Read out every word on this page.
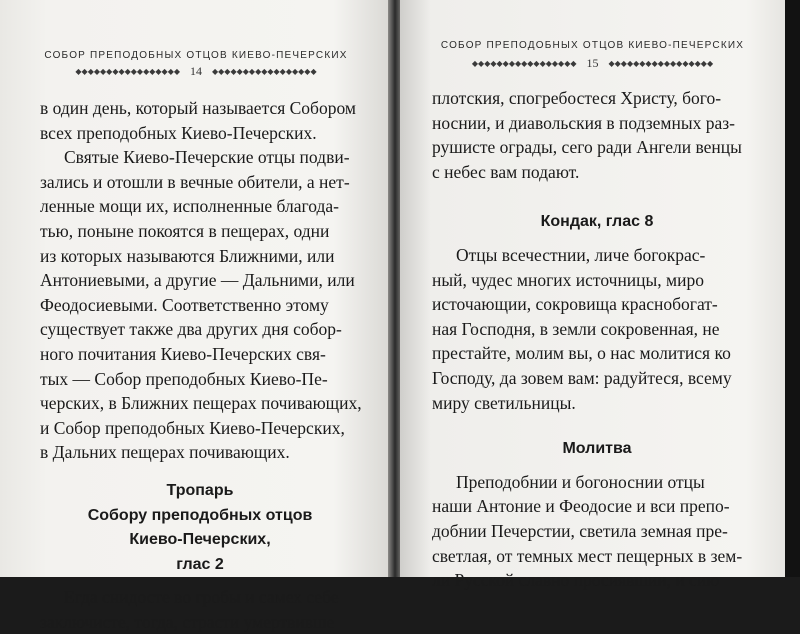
СОБОР ПРЕПОДОБНЫХ ОТЦОВ КИЕВО-ПЕЧЕРСКИХ
◆◆◆◆◆◆◆◆◆◆◆◆◆◆◆◆◆ 14 ◆◆◆◆◆◆◆◆◆◆◆◆◆◆◆◆◆
в один день, который называется Собором
всех преподобных Киево-Печерских.
Святые Киево-Печерские отцы подви-
зались и отошли в вечные обители, а нет-
ленные мощи их, исполненные благода-
тью, поныне покоятся в пещерах, одни
из которых называются Ближними, или
Антониевыми, а другие — Дальними, или
Феодосиевыми. Соответственно этому
существует также два других дня собор-
ного почитания Киево-Печерских свя-
тых — Собор преподобных Киево-Пе-
черских, в Ближних пещерах почивающих,
и Собор преподобных Киево-Печерских,
в Дальних пещерах почивающих.
Тропарь
Собору преподобных отцов
Киево-Печерских,
глас 2
Егда снидосте во гробы и самех себе
заключисте, тогда, страсти умертвивше
СОБОР ПРЕПОДОБНЫХ ОТЦОВ КИЕВО-ПЕЧЕРСКИХ
◆◆◆◆◆◆◆◆◆◆◆◆◆◆◆◆◆ 15 ◆◆◆◆◆◆◆◆◆◆◆◆◆◆◆◆◆
плотския, спогребостеся Христу, бого-
носнии, и диавольския в подземных раз-
рушисте ограды, сего ради Ангели венцы
с небес вам подают.
Кондак, глас 8
Отцы всечестнии, личе богокрас-
ный, чудес многих источницы, миро
источающии, сокровища краснобогат-
ная Господня, в земли сокровенная, не
престайте, молим вы, о нас молитися ко
Господу, да зовем вам: радуйтеся, всему
миру светильницы.
Молитва
Преподобнии и богоноснии отцы
наши Антоние и Феодосие и вси препо-
добнии Печерстии, светила земная пре-
светлая, от темных мест пещерных в зем-
ли Русской славно просиявшии, и сию
